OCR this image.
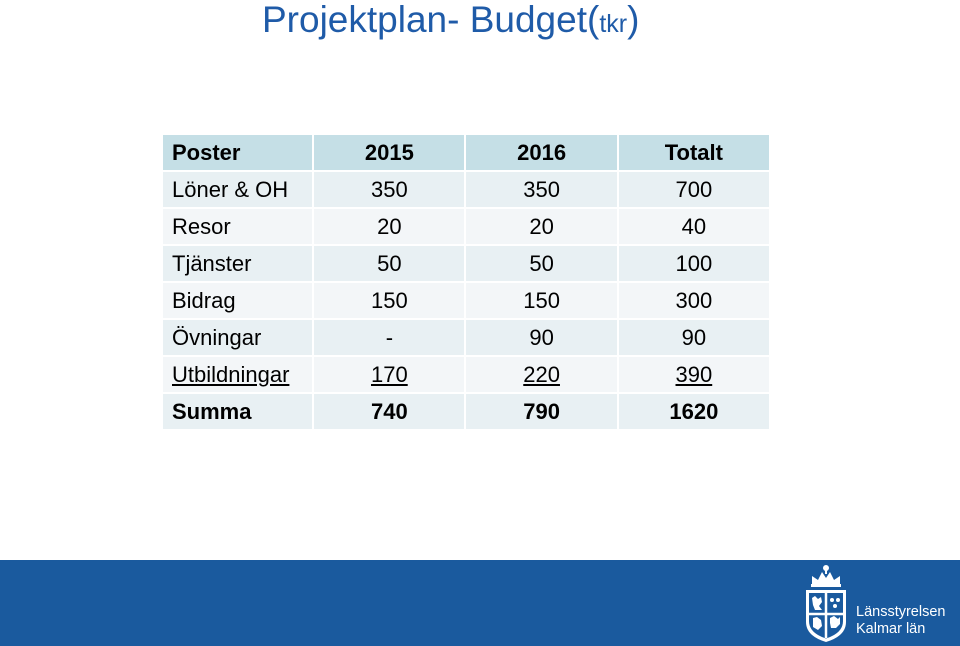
Projektplan- Budget(tkr)
Poster	2015	2016	Totalt
Löner & OH	350	350	700
Resor	20	20	40
Tjänster	50	50	100
Bidrag	150	150	300
Övningar	-	90	90
Utbildningar	170	220	390
Summa	740	790	1620
Länsstyrelsen
Kalmar län
